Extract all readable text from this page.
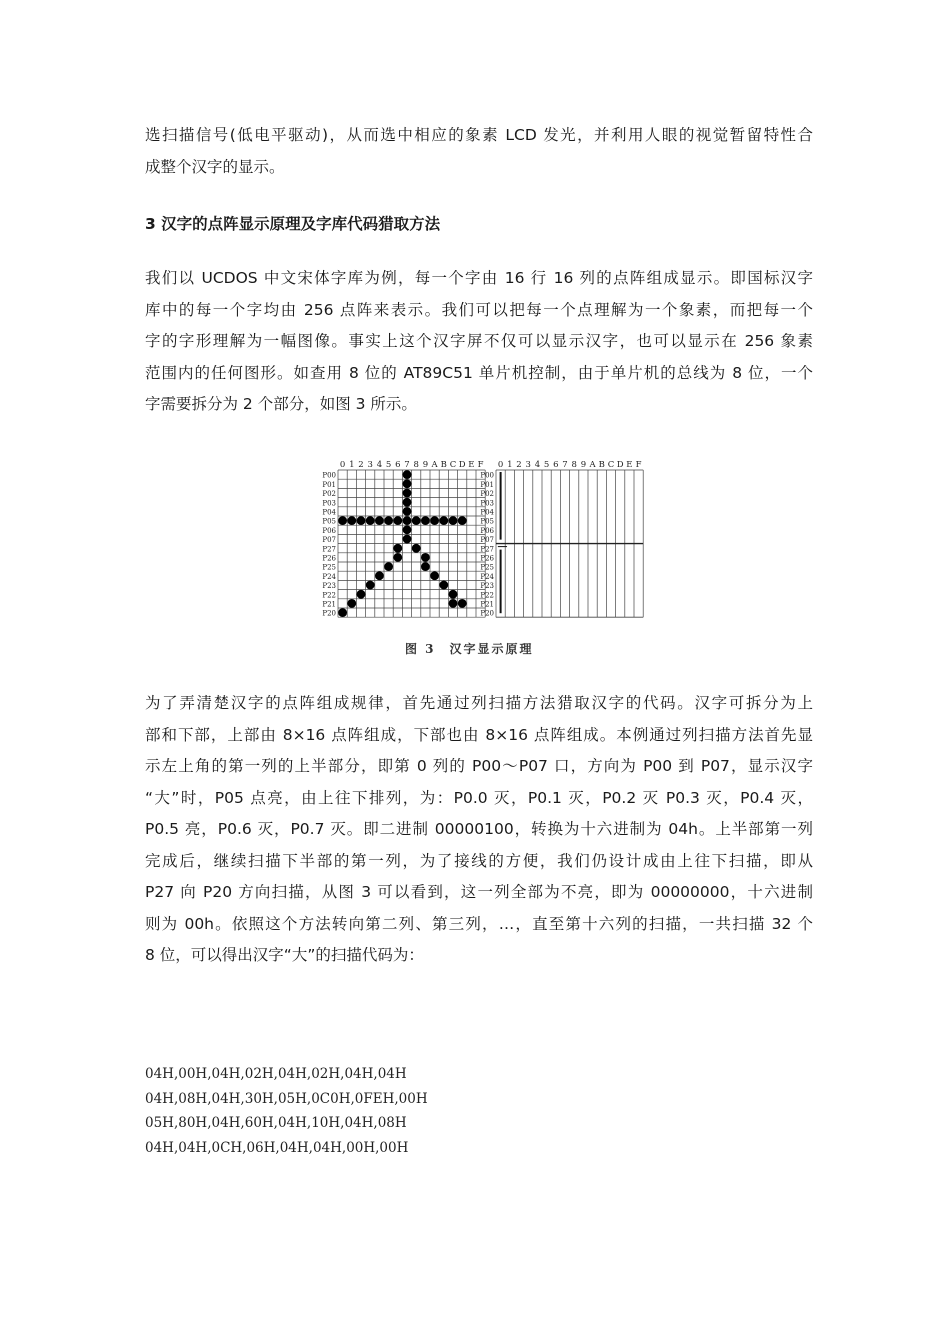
选扫描信号(低电平驱动)，从而选中相应的象素 LCD 发光，并利用人眼的视觉暂留特性合
成整个汉字的显示。
3 汉字的点阵显示原理及字库代码猎取方法
我们以 UCDOS 中文宋体字库为例，每一个字由 16 行 16 列的点阵组成显示。即国标汉字
库中的每一个字均由 256 点阵来表示。我们可以把每一个点理解为一个象素，而把每一个
字的字形理解为一幅图像。事实上这个汉字屏不仅可以显示汉字，也可以显示在 256 象素
范围内的任何图形。如查用 8 位的 AT89C51 单片机控制，由于单片机的总线为 8 位，一个
字需要拆分为 2 个部分，如图 3 所示。
0 1 2 3 4 5 6 7 8 9 A B C D E F
P00
P01
P02
P03
P04
P05
P06
P07
P27
P26
P25
P24
P23
P22
P21
P20
0 1 2 3 4 5 6 7 8 9 A B C D E F
P00
P01
P02
P03
P04
P05
P06
P07
P27
P26
P25
P24
P23
P22
P21
P20
图 3　汉字显示原理
为了弄清楚汉字的点阵组成规律，首先通过列扫描方法猎取汉字的代码。汉字可拆分为上
部和下部，上部由 8×16 点阵组成，下部也由 8×16 点阵组成。本例通过列扫描方法首先显
示左上角的第一列的上半部分，即第 0 列的 P00～P07 口，方向为 P00 到 P07，显示汉字
“大”时，P05 点亮，由上往下排列，为：P0.0 灭，P0.1 灭，P0.2 灭 P0.3 灭，P0.4 灭，
P0.5 亮，P0.6 灭，P0.7 灭。即二进制 00000100，转换为十六进制为 04h。上半部第一列
完成后，继续扫描下半部的第一列，为了接线的方便，我们仍设计成由上往下扫描，即从
P27 向 P20 方向扫描，从图 3 可以看到，这一列全部为不亮，即为 00000000，十六进制
则为 00h。依照这个方法转向第二列、第三列，…，直至第十六列的扫描，一共扫描 32 个
8 位，可以得出汉字“大”的扫描代码为：
04H,00H,04H,02H,04H,02H,04H,04H
04H,08H,04H,30H,05H,0C0H,0FEH,00H
05H,80H,04H,60H,04H,10H,04H,08H
04H,04H,0CH,06H,04H,04H,00H,00H
